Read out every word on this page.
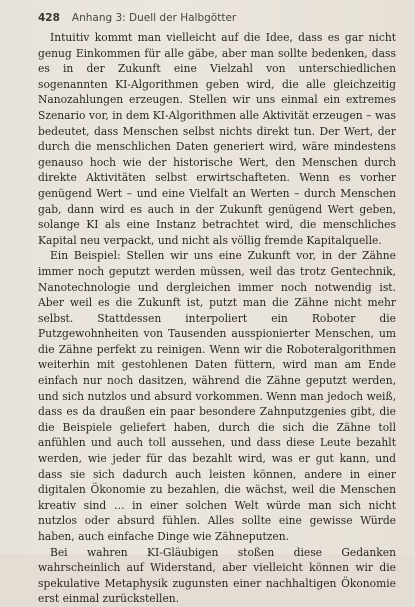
428 Anhang 3: Duell der Halbgötter

Intuitiv kommt man vielleicht auf die Idee, dass es gar nicht genug Einkommen für alle gäbe, aber man sollte bedenken, dass es in der Zukunft eine Vielzahl von unterschiedlichen sogenannten KI-Algorithmen geben wird, die alle gleichzeitig Nanozahlungen erzeugen. Stellen wir uns einmal ein extremes Szenario vor, in dem KI-Algorithmen alle Aktivität erzeugen – was bedeutet, dass Menschen selbst nichts direkt tun. Der Wert, der durch die menschlichen Daten generiert wird, wäre mindestens genauso hoch wie der historische Wert, den Menschen durch direkte Aktivitäten selbst erwirtschafteten. Wenn es vorher genügend Wert – und eine Vielfalt an Werten – durch Menschen gab, dann wird es auch in der Zukunft genügend Wert geben, solange KI als eine Instanz betrachtet wird, die menschliches Kapital neu verpackt, und nicht als völlig fremde Kapitalquelle.

Ein Beispiel: Stellen wir uns eine Zukunft vor, in der Zähne immer noch geputzt werden müssen, weil das trotz Gentechnik, Nanotechnologie und dergleichen immer noch notwendig ist. Aber weil es die Zukunft ist, putzt man die Zähne nicht mehr selbst. Stattdessen interpoliert ein Roboter die Putzgewohnheiten von Tausenden ausspionierter Menschen, um die Zähne perfekt zu reinigen. Wenn wir die Roboteralgorithmen weiterhin mit gestohlenen Daten füttern, wird man am Ende einfach nur noch dasitzen, während die Zähne geputzt werden, und sich nutzlos und absurd vorkommen. Wenn man jedoch weiß, dass es da draußen ein paar besondere Zahnputzgenies gibt, die die Beispiele geliefert haben, durch die sich die Zähne toll anfühlen und auch toll aussehen, und dass diese Leute bezahlt werden, wie jeder für das bezahlt wird, was er gut kann, und dass sie sich dadurch auch leisten können, andere in einer digitalen Ökonomie zu bezahlen, die wächst, weil die Menschen kreativ sind … in einer solchen Welt würde man sich nicht nutzlos oder absurd fühlen. Alles sollte eine gewisse Würde haben, auch einfache Dinge wie Zähneputzen.

Bei wahren KI-Gläubigen stoßen diese Gedanken wahrscheinlich auf Widerstand, aber vielleicht können wir die spekulative Metaphysik zugunsten einer nachhaltigen Ökonomie erst einmal zurückstellen.
